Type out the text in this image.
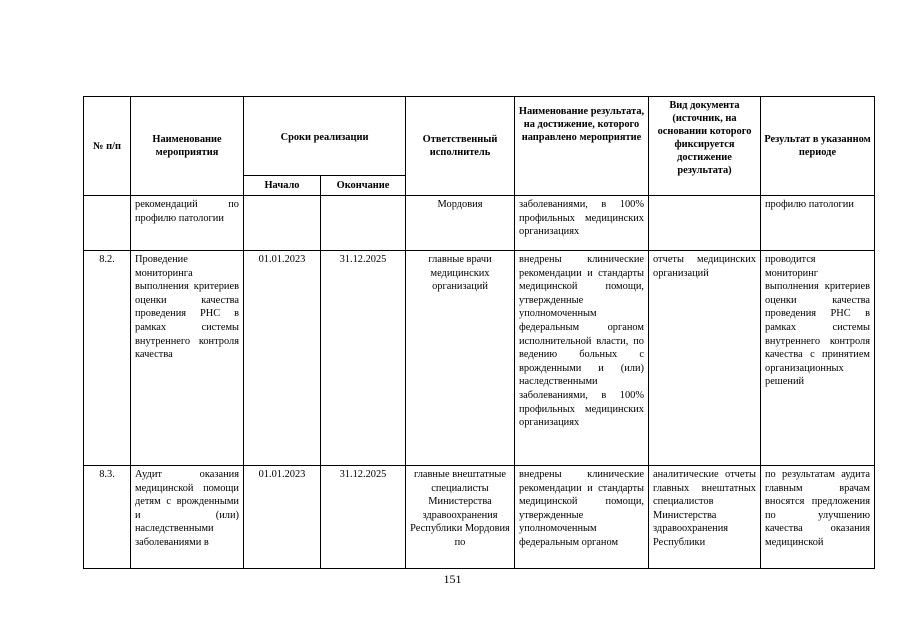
№ п/п	Наименование мероприятия	Сроки реализации		Ответственный исполнитель	Наименование результата, на достижение, которого направлено мероприятие	Вид документа (источник, на основании которого фиксируется достижение результата)	Результат в указанном периоде
		Начало	Окончание				
	рекомендаций по профилю патологии			Мордовия	заболеваниями, в 100% профильных медицинских организациях		профилю патологии
8.2.	Проведение мониторинга выполнения критериев оценки качества проведения РНС в рамках системы внутреннего контроля качества	01.01.2023	31.12.2025	главные врачи медицинских организаций	внедрены клинические рекомендации и стандарты медицинской помощи, утвержденные уполномоченным федеральным органом исполнительной власти, по ведению больных с врожденными и (или) наследственными заболеваниями, в 100% профильных медицинских организациях	отчеты медицинских организаций	проводится мониторинг выполнения критериев оценки качества проведения РНС в рамках системы внутреннего контроля качества с принятием организационных решений
8.3.	Аудит оказания медицинской помощи детям с врожденными и (или) наследственными заболеваниями в	01.01.2023	31.12.2025	главные внештатные специалисты Министерства здравоохранения Республики Мордовия по	внедрены клинические рекомендации и стандарты медицинской помощи, утвержденные уполномоченным федеральным органом	аналитические отчеты главных внештатных специалистов Министерства здравоохранения Республики	по результатам аудита главным врачам вносятся предложения по улучшению качества оказания медицинской
151
